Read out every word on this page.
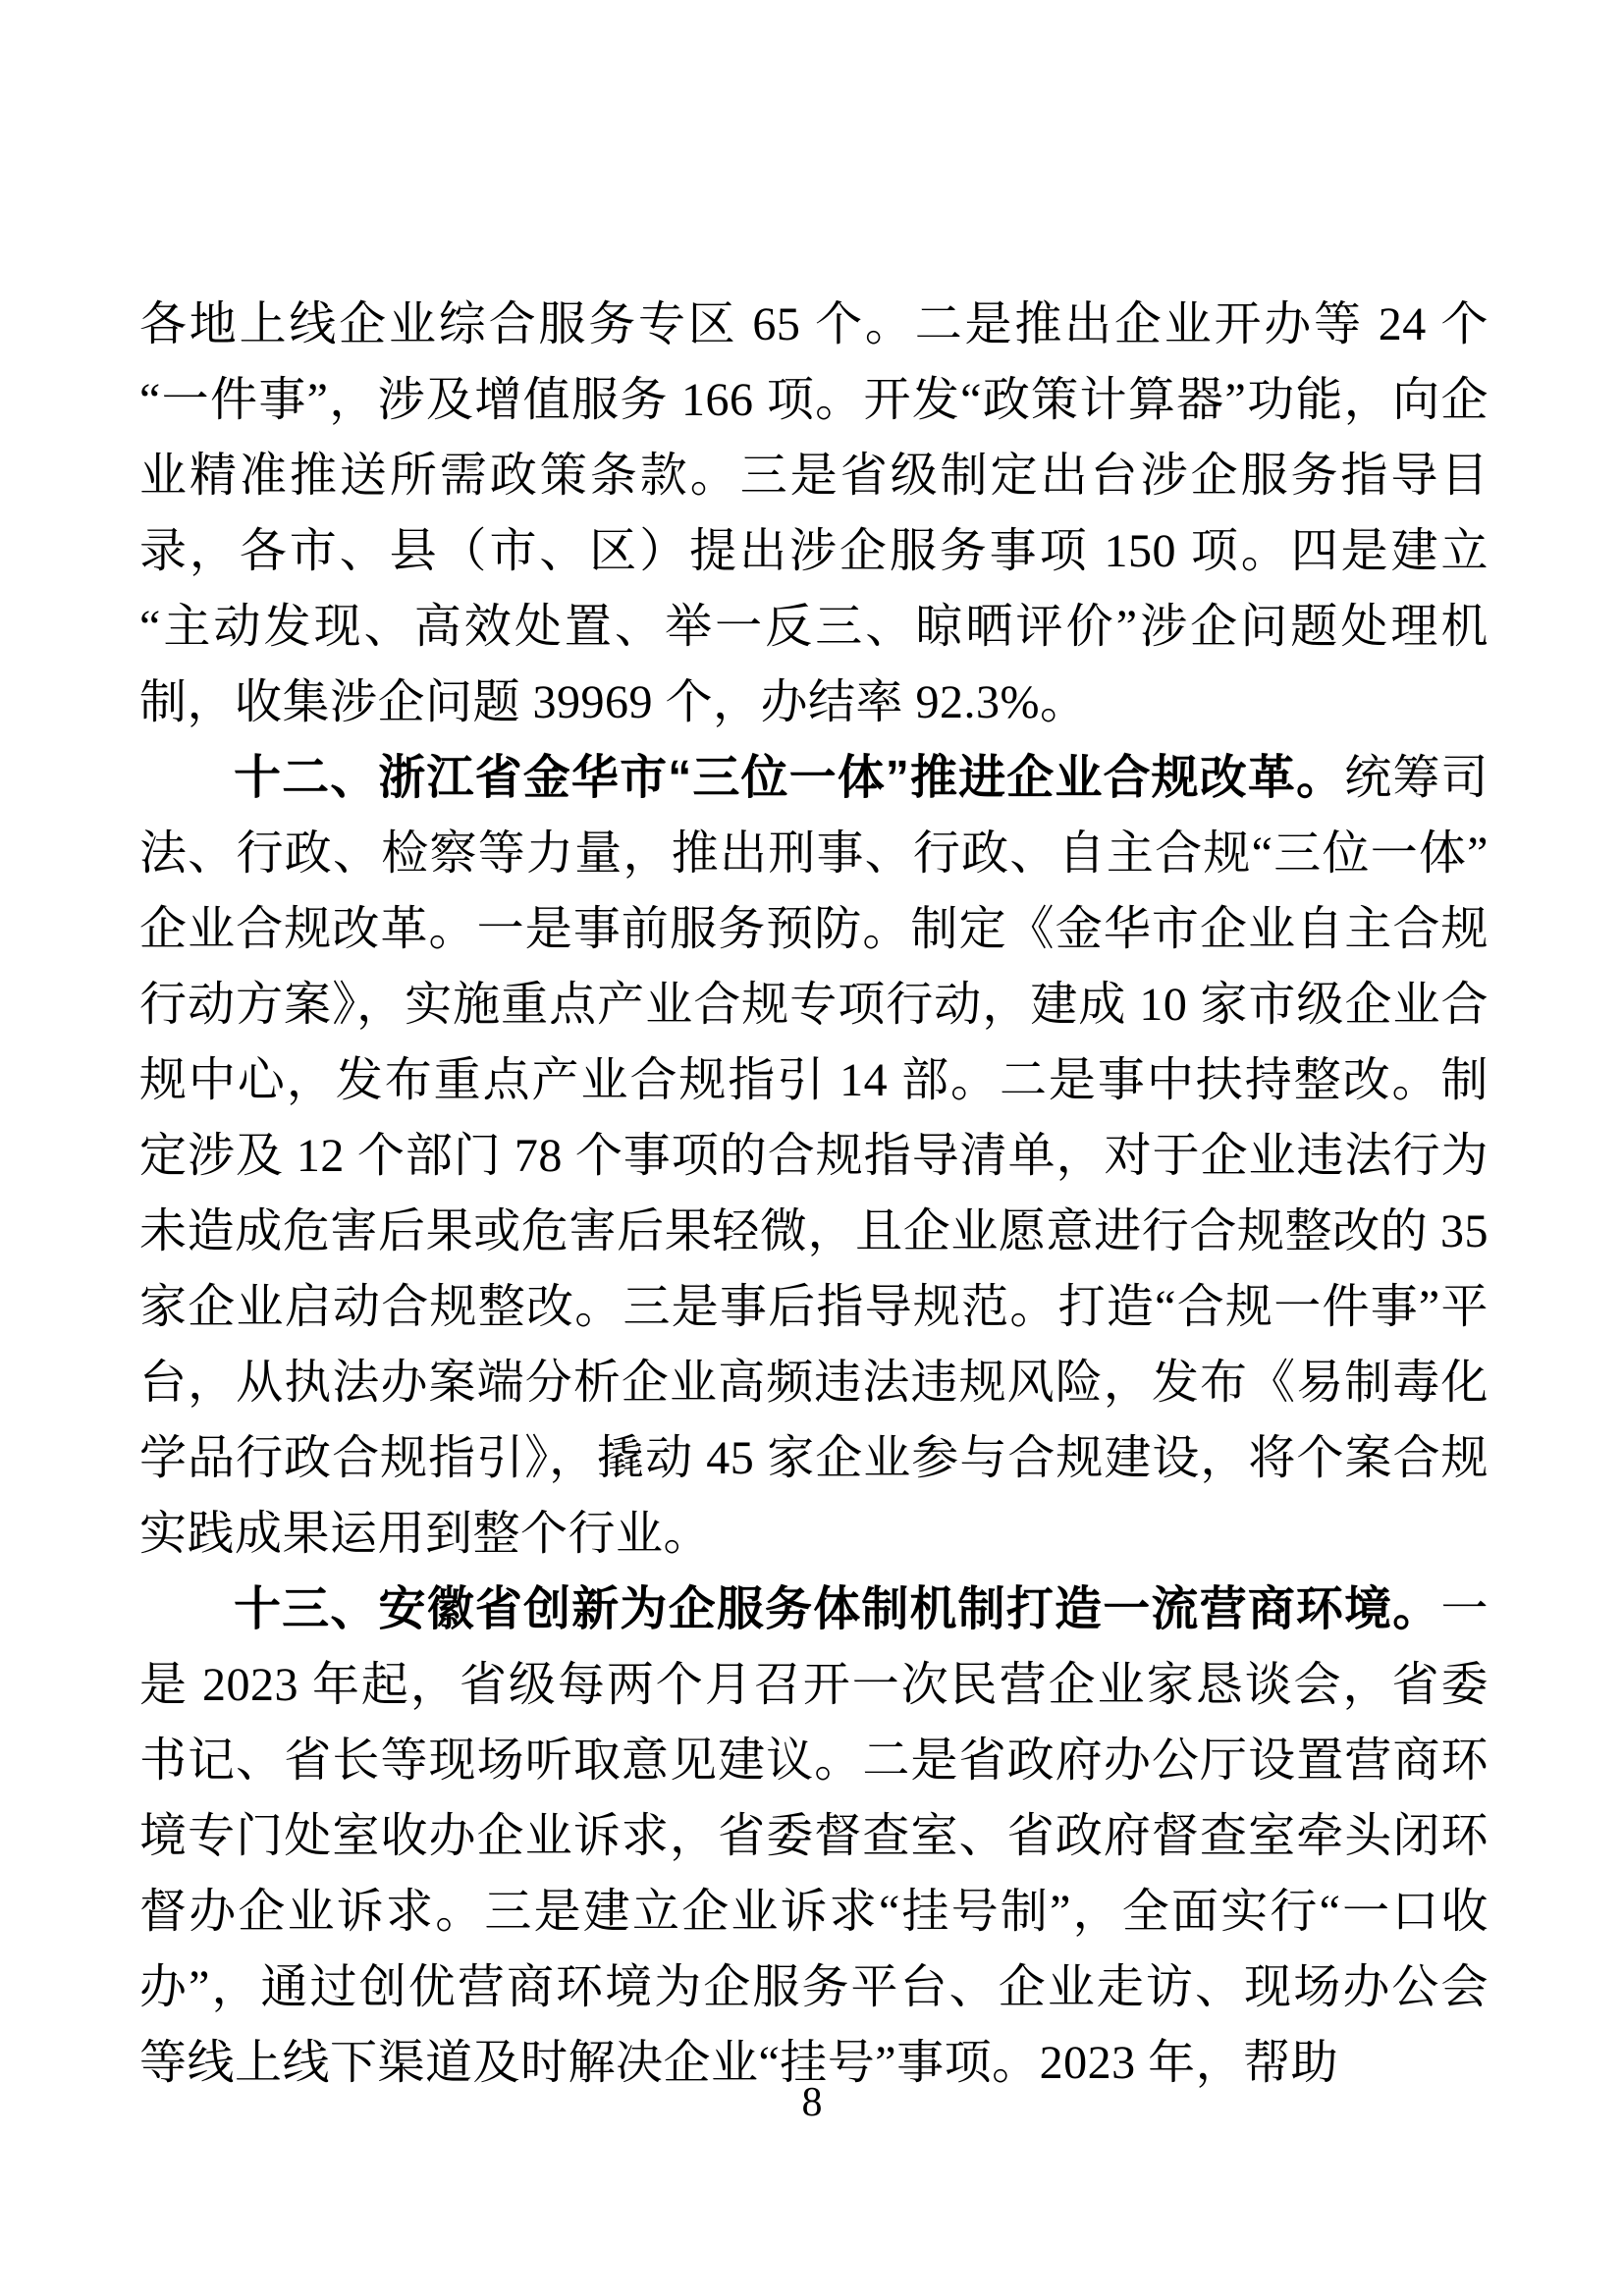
各地上线企业综合服务专区 65 个。二是推出企业开办等 24 个“一件事”，涉及增值服务 166 项。开发“政策计算器”功能，向企业精准推送所需政策条款。三是省级制定出台涉企服务指导目录，各市、县（市、区）提出涉企服务事项 150 项。四是建立“主动发现、高效处置、举一反三、晾晒评价”涉企问题处理机制，收集涉企问题 39969 个，办结率 92.3%。

十二、浙江省金华市“三位一体”推进企业合规改革。统筹司法、行政、检察等力量，推出刑事、行政、自主合规“三位一体”企业合规改革。一是事前服务预防。制定《金华市企业自主合规行动方案》，实施重点产业合规专项行动，建成 10 家市级企业合规中心，发布重点产业合规指引 14 部。二是事中扶持整改。制定涉及 12 个部门 78 个事项的合规指导清单，对于企业违法行为未造成危害后果或危害后果轻微，且企业愿意进行合规整改的 35 家企业启动合规整改。三是事后指导规范。打造“合规一件事”平台，从执法办案端分析企业高频违法违规风险，发布《易制毒化学品行政合规指引》，撬动 45 家企业参与合规建设，将个案合规实践成果运用到整个行业。

十三、安徽省创新为企服务体制机制打造一流营商环境。一是 2023 年起，省级每两个月召开一次民营企业家恳谈会，省委书记、省长等现场听取意见建议。二是省政府办公厅设置营商环境专门处室收办企业诉求，省委督查室、省政府督查室牵头闭环督办企业诉求。三是建立企业诉求“挂号制”，全面实行“一口收办”，通过创优营商环境为企服务平台、企业走访、现场办公会等线上线下渠道及时解决企业“挂号”事项。2023 年，帮助

8
